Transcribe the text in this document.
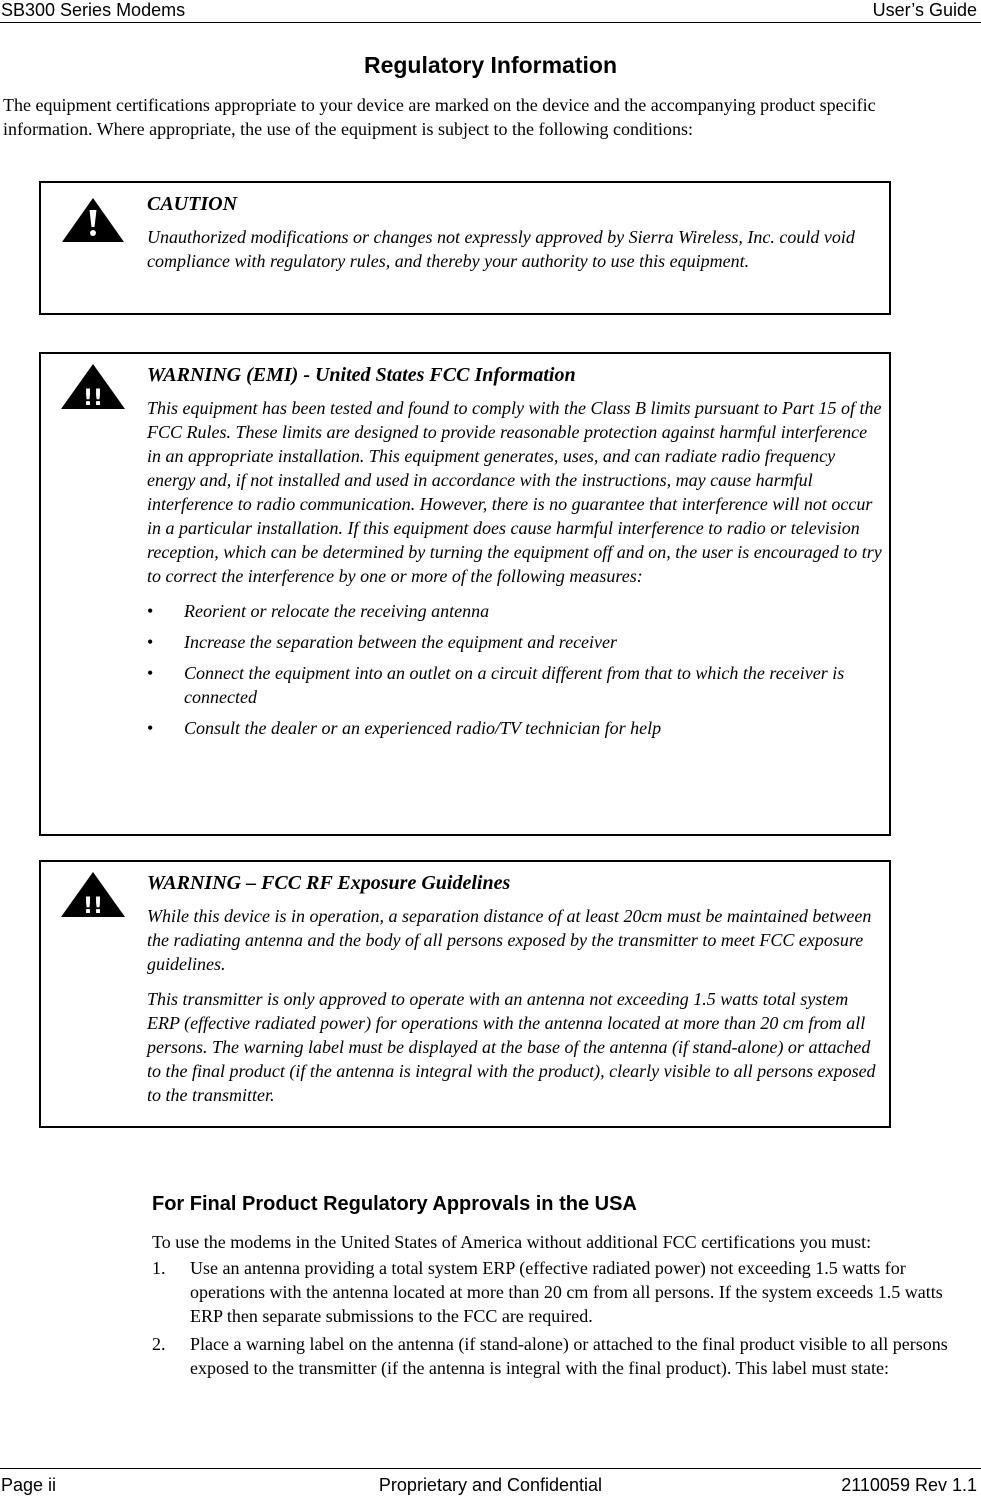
SB300 Series Modems	User’s Guide
Regulatory Information

The equipment certifications appropriate to your device are marked on the device and the accompanying product specific information. Where appropriate, the use of the equipment is subject to the following conditions:

CAUTION

Unauthorized modifications or changes not expressly approved by Sierra Wireless, Inc. could void compliance with regulatory rules, and thereby your authority to use this equipment.

!!
WARNING (EMI) - United States FCC Information

This equipment has been tested and found to comply with the Class B limits pursuant to Part 15 of the FCC Rules. These limits are designed to provide reasonable protection against harmful interference in an appropriate installation. This equipment generates, uses, and can radiate radio frequency energy and, if not installed and used in accordance with the instructions, may cause harmful interference to radio communication. However, there is no guarantee that interference will not occur in a particular installation. If this equipment does cause harmful interference to radio or television reception, which can be determined by turning the equipment off and on, the user is encouraged to try to correct the interference by one or more of the following measures:

• Reorient or relocate the receiving antenna
• Increase the separation between the equipment and receiver
• Connect the equipment into an outlet on a circuit different from that to which the receiver is connected
• Consult the dealer or an experienced radio/TV technician for help
!!
WARNING – FCC RF Exposure Guidelines

While this device is in operation, a separation distance of at least 20cm must be maintained between the radiating antenna and the body of all persons exposed by the transmitter to meet FCC exposure guidelines.

This transmitter is only approved to operate with an antenna not exceeding 1.5 watts total system ERP (effective radiated power) for operations with the antenna located at more than 20 cm from all persons. The warning label must be displayed at the base of the antenna (if stand-alone) or attached to the final product (if the antenna is integral with the product), clearly visible to all persons exposed to the transmitter.

For Final Product Regulatory Approvals in the USA

To use the modems in the United States of America without additional FCC certifications you must:

1. Use an antenna providing a total system ERP (effective radiated power) not exceeding 1.5 watts for operations with the antenna located at more than 20 cm from all persons. If the system exceeds 1.5 watts ERP then separate submissions to the FCC are required.
2. Place a warning label on the antenna (if stand-alone) or attached to the final product visible to all persons exposed to the transmitter (if the antenna is integral with the final product). This label must state:
Page ii	Proprietary and Confidential	2110059 Rev 1.1
